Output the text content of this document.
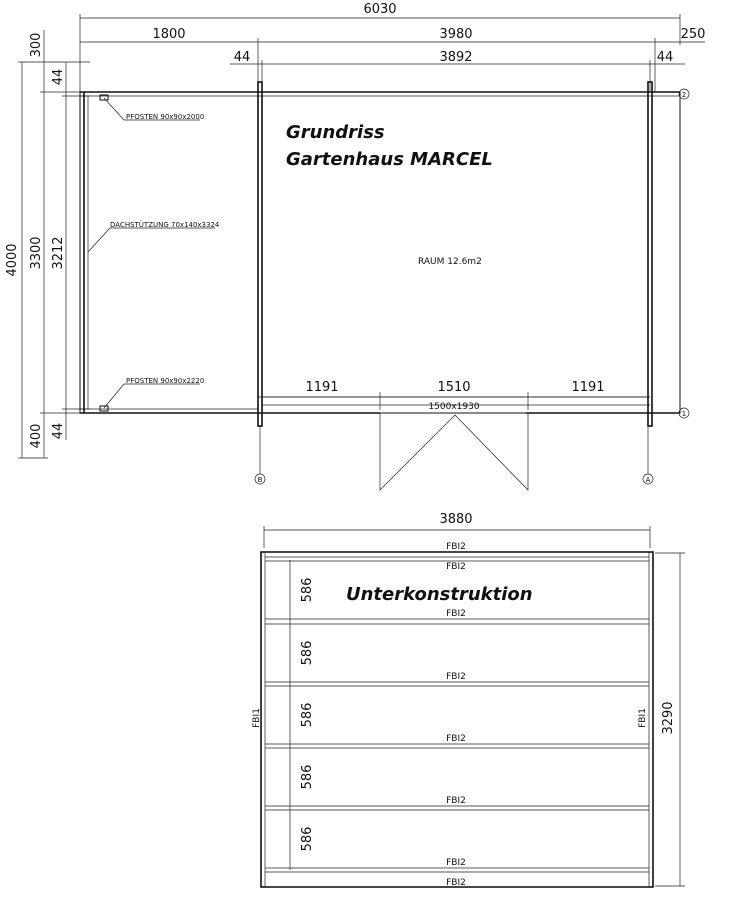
6030
1800	3980	250
44	3892	44
4000
300
44
3300 3212
400 44
Grundriss
Gartenhaus MARCEL
PFOSTEN 90x90x2000
DACHSTÜTZUNG 70x140x3324
PFOSTEN 90x90x2220
RAUM 12.6m2
1191	1510	1191
1500x1930
2
1
B	A
3880
3290
Unterkonstruktion
FBI1	FBI1
FBI2
FBI2
FBI2
FBI2
FBI2
FBI2
FBI2
FBI2
586
586
586
586
586
